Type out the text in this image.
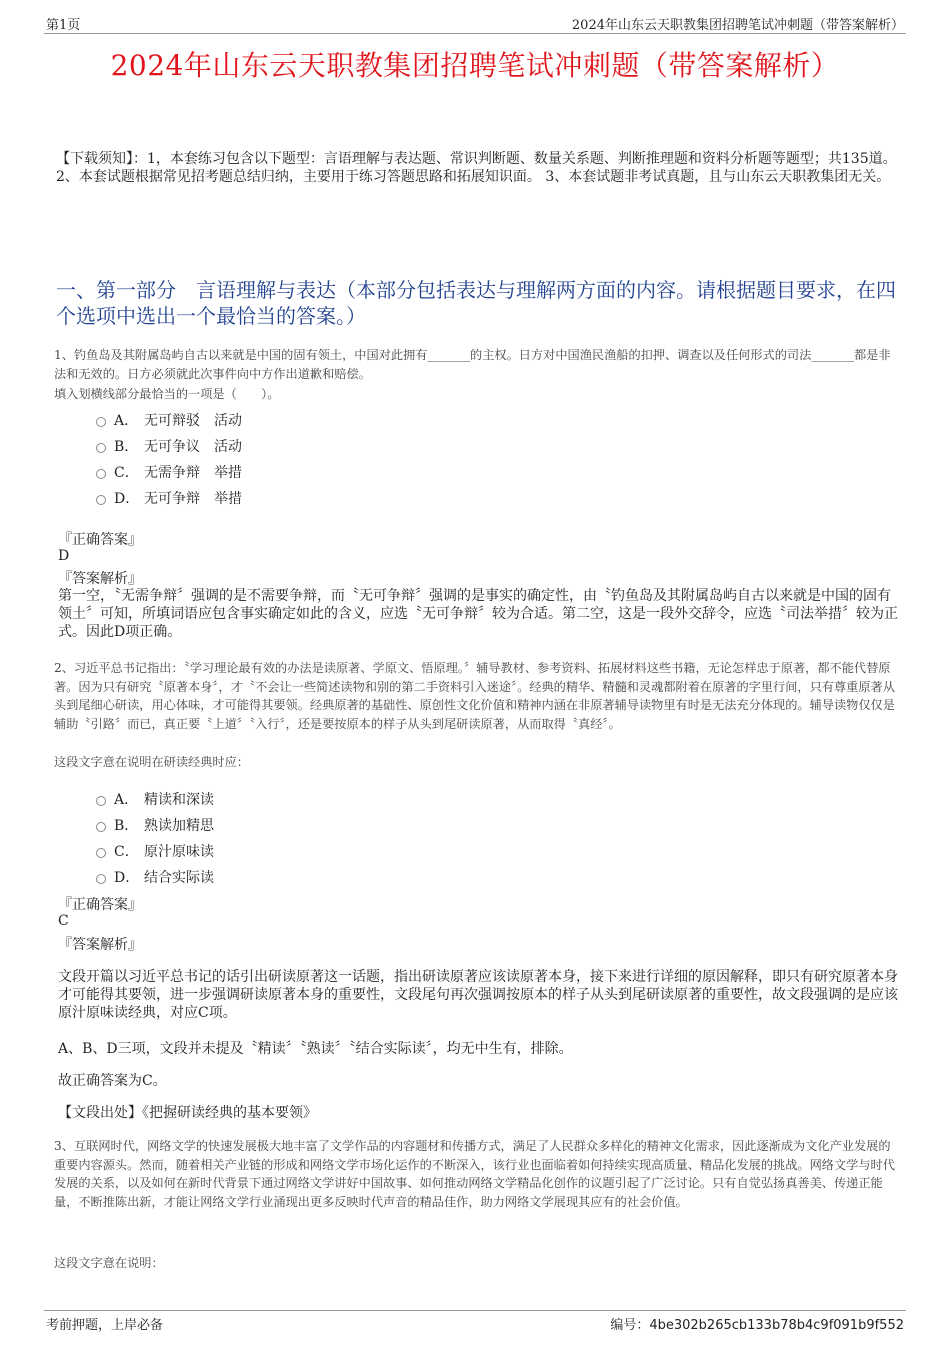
第1页	2024年山东云天职教集团招聘笔试冲刺题（带答案解析）
2024年山东云天职教集团招聘笔试冲刺题（带答案解析）
【下载须知】：1，本套练习包含以下题型：言语理解与表达题、常识判断题、数量关系题、判断推理题和资料分析题等题型；共135道。 2、本套试题根据常见招考题总结归纳，主要用于练习答题思路和拓展知识面。 3、本套试题非考试真题，且与山东云天职教集团无关。
一、第一部分　言语理解与表达（本部分包括表达与理解两方面的内容。请根据题目要求，在四个选项中选出一个最恰当的答案。）
1、钓鱼岛及其附属岛屿自古以来就是中国的固有领土，中国对此拥有_______的主权。日方对中国渔民渔船的扣押、调查以及任何形式的司法_______都是非法和无效的。日方必须就此次事件向中方作出道歉和赔偿。
填入划横线部分最恰当的一项是（　　）。
A． 无可辩驳　活动
B． 无可争议　活动
C． 无需争辩　举措
D． 无可争辩　举措
『正确答案』
D
『答案解析』
第一空，〝无需争辩〞强调的是不需要争辩，而〝无可争辩〞强调的是事实的确定性，由〝钓鱼岛及其附属岛屿自古以来就是中国的固有领土〞可知，所填词语应包含事实确定如此的含义，应选〝无可争辩〞较为合适。第二空，这是一段外交辞令，应选〝司法举措〞较为正式。因此D项正确。
2、习近平总书记指出：〝学习理论最有效的办法是读原著、学原文、悟原理。〞辅导教材、参考资料、拓展材料这些书籍，无论怎样忠于原著，都不能代替原著。因为只有研究〝原著本身〞，才〝不会让一些简述读物和别的第二手资料引入迷途〞。经典的精华、精髓和灵魂都附着在原著的字里行间，只有尊重原著从头到尾细心研读，用心体味，才可能得其要领。经典原著的基础性、原创性文化价值和精神内涵在非原著辅导读物里有时是无法充分体现的。辅导读物仅仅是辅助〝引路〞而已，真正要〝上道〞〝入行〞，还是要按原本的样子从头到尾研读原著，从而取得〝真经〞。
这段文字意在说明在研读经典时应：
A． 精读和深读
B． 熟读加精思
C． 原汁原味读
D． 结合实际读
『正确答案』
C
『答案解析』
文段开篇以习近平总书记的话引出研读原著这一话题，指出研读原著应该读原著本身，接下来进行详细的原因解释，即只有研究原著本身才可能得其要领，进一步强调研读原著本身的重要性，文段尾句再次强调按原本的样子从头到尾研读原著的重要性，故文段强调的是应该原汁原味读经典，对应C项。
A、B、D三项，文段并未提及〝精读〞〝熟读〞〝结合实际读〞，均无中生有，排除。
故正确答案为C。
【文段出处】《把握研读经典的基本要领》
3、互联网时代，网络文学的快速发展极大地丰富了文学作品的内容题材和传播方式，满足了人民群众多样化的精神文化需求，因此逐渐成为文化产业发展的重要内容源头。然而，随着相关产业链的形成和网络文学市场化运作的不断深入，该行业也面临着如何持续实现高质量、精品化发展的挑战。网络文学与时代发展的关系，以及如何在新时代背景下通过网络文学讲好中国故事、如何推动网络文学精品化创作的议题引起了广泛讨论。只有自觉弘扬真善美、传递正能量，不断推陈出新，才能让网络文学行业涌现出更多反映时代声音的精品佳作，助力网络文学展现其应有的社会价值。
这段文字意在说明：
考前押题，上岸必备	编号：4be302b265cb133b78b4c9f091b9f552
